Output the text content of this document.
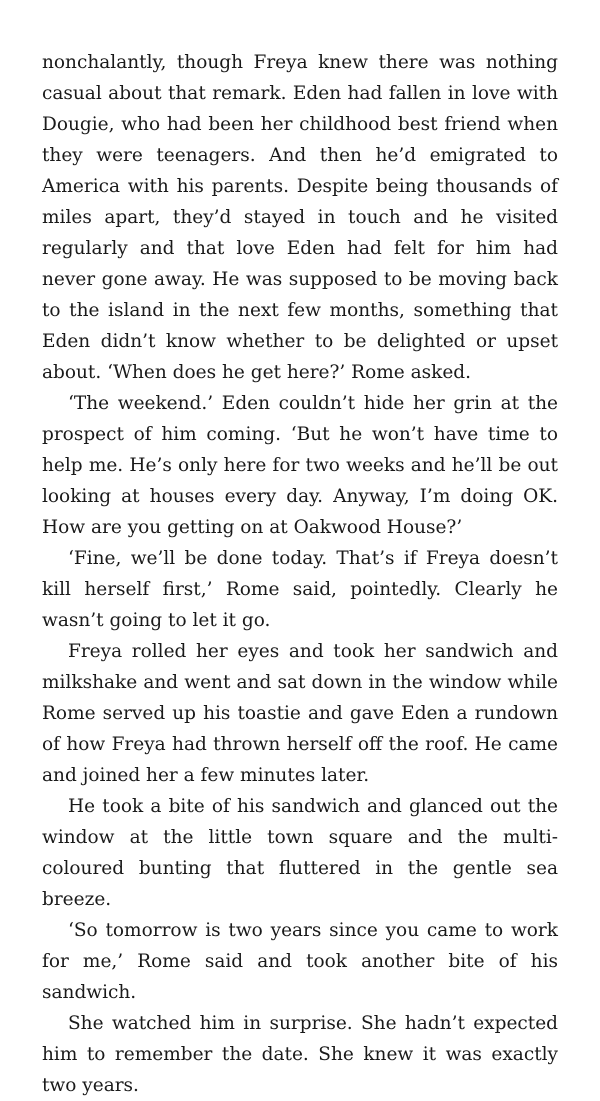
nonchalantly, though Freya knew there was nothing casual about that remark. Eden had fallen in love with Dougie, who had been her childhood best friend when they were teenagers. And then he’d emigrated to America with his parents. Despite being thousands of miles apart, they’d stayed in touch and he visited regularly and that love Eden had felt for him had never gone away. He was supposed to be moving back to the island in the next few months, something that Eden didn’t know whether to be delighted or upset about. ‘When does he get here?’ Rome asked.

‘The weekend.’ Eden couldn’t hide her grin at the prospect of him coming. ‘But he won’t have time to help me. He’s only here for two weeks and he’ll be out looking at houses every day. Anyway, I’m doing OK. How are you getting on at Oakwood House?’

‘Fine, we’ll be done today. That’s if Freya doesn’t kill herself first,’ Rome said, pointedly. Clearly he wasn’t going to let it go.

Freya rolled her eyes and took her sandwich and milkshake and went and sat down in the window while Rome served up his toastie and gave Eden a rundown of how Freya had thrown herself off the roof. He came and joined her a few minutes later.

He took a bite of his sandwich and glanced out the window at the little town square and the multi-coloured bunting that fluttered in the gentle sea breeze.

‘So tomorrow is two years since you came to work for me,’ Rome said and took another bite of his sandwich.

She watched him in surprise. She hadn’t expected him to remember the date. She knew it was exactly two years.
